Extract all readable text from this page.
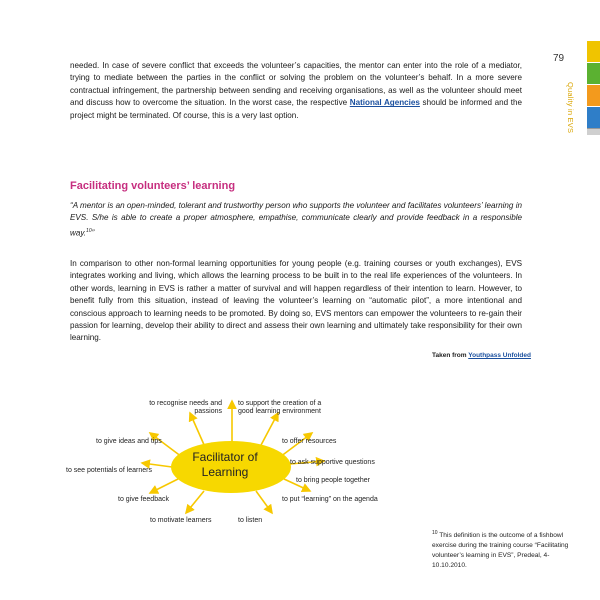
79
Quality in EVS

needed. In case of severe conflict that exceeds the volunteer’s capacities, the mentor can enter into the role of a mediator, trying to mediate between the parties in the conflict or solving the problem on the volunteer’s behalf. In a more severe contractual infringement, the partnership between sending and receiving organisations, as well as the volunteer should meet and discuss how to overcome the situation. In the worst case, the respective National Agencies should be informed and the project might be terminated. Of course, this is a very last option.

Facilitating volunteers’ learning

“A mentor is an open-minded, tolerant and trustworthy person who supports the volunteer and facilitates volunteers’ learning in EVS. S/he is able to create a proper atmosphere, empathise, communicate clearly and provide feedback in a responsible way.$^{10}$”

In comparison to other non-formal learning opportunities for young people (e.g. training courses or youth exchanges), EVS integrates working and living, which allows the learning process to be built in to the real life experiences of the volunteers. In other words, learning in EVS is rather a matter of survival and will happen regardless of their intention to learn. However, to benefit fully from this situation, instead of leaving the volunteer’s learning on “automatic pilot”, a more intentional and conscious approach to learning needs to be promoted. By doing so, EVS mentors can empower the volunteers to re-gain their passion for learning, develop their ability to direct and assess their own learning and ultimately take responsibility for their own learning.

Taken from Youthpass Unfolded
Facilitator of Learning
to recognise needs and passions
to support the creation of a good learning environment
to give ideas and tips	to offer resources
to ask supportive questions
to see potentials of learners
to bring people together
to give feedback	to put “learning” on the agenda
to motivate learners	to listen
$^{10}$ This definition is the outcome of a fishbowl exercise during the training course “Facilitating volunteer’s learning in EVS”, Predeal, 4-10.10.2010.
